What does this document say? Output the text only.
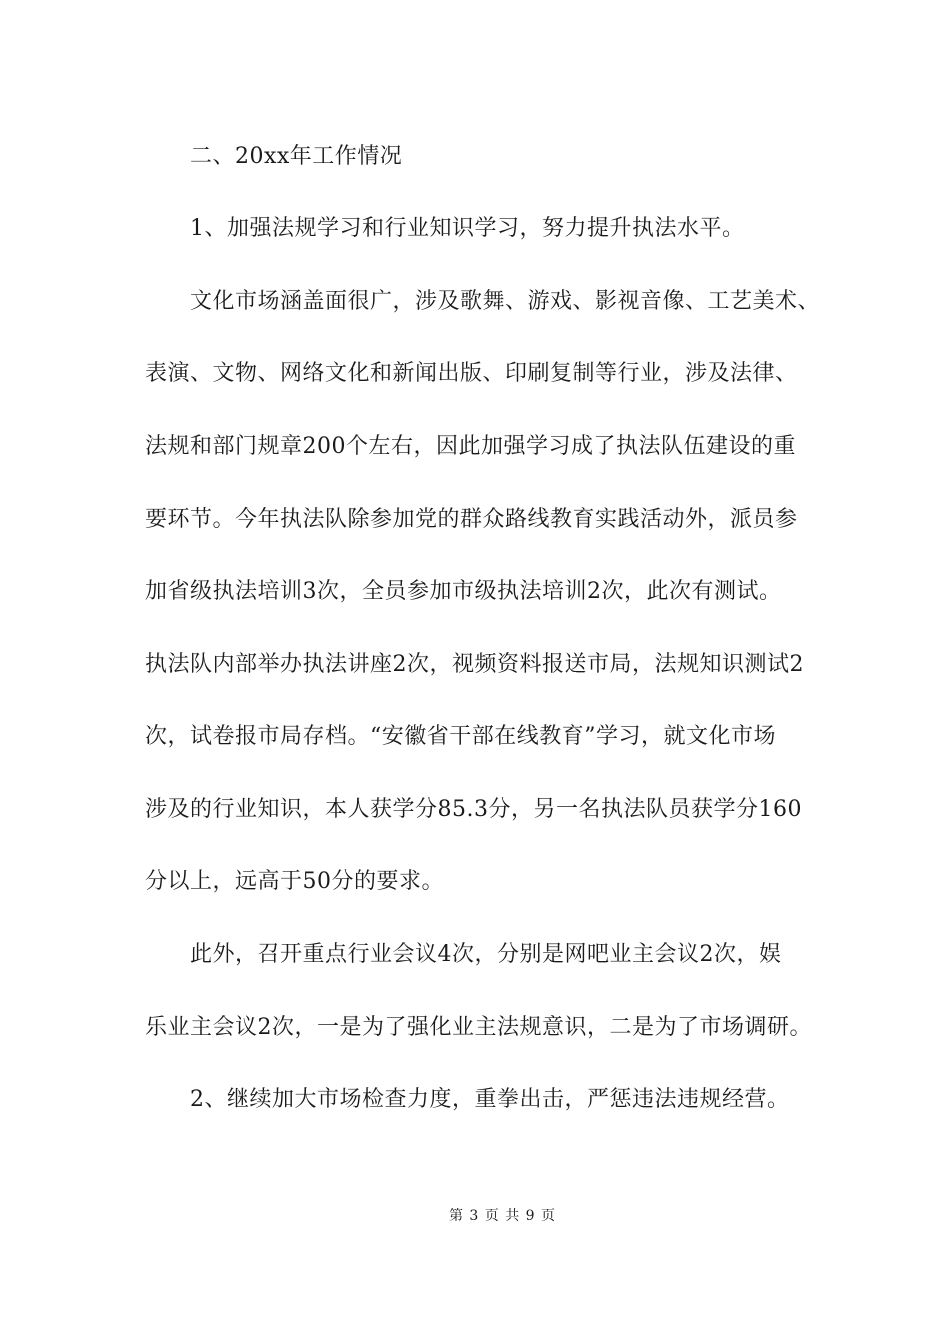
二、20xx年工作情况
1、加强法规学习和行业知识学习，努力提升执法水平。
文化市场涵盖面很广，涉及歌舞、游戏、影视音像、工艺美术、
表演、文物、网络文化和新闻出版、印刷复制等行业，涉及法律、
法规和部门规章200个左右，因此加强学习成了执法队伍建设的重
要环节。今年执法队除参加党的群众路线教育实践活动外，派员参
加省级执法培训3次，全员参加市级执法培训2次，此次有测试。
执法队内部举办执法讲座2次，视频资料报送市局，法规知识测试2
次，试卷报市局存档。“安徽省干部在线教育”学习，就文化市场
涉及的行业知识，本人获学分85.3分，另一名执法队员获学分160
分以上，远高于50分的要求。
此外，召开重点行业会议4次，分别是网吧业主会议2次，娱
乐业主会议2次，一是为了强化业主法规意识，二是为了市场调研。
2、继续加大市场检查力度，重拳出击，严惩违法违规经营。
第 3 页 共 9 页
